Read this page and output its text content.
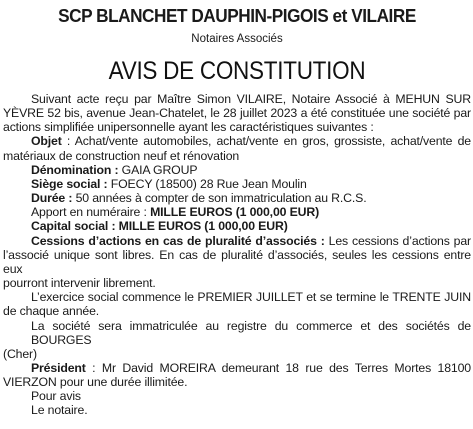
SCP BLANCHET DAUPHIN-PIGOIS et VILAIRE
Notaires Associés
AVIS DE CONSTITUTION
Suivant acte reçu par Maître Simon VILAIRE, Notaire Associé à MEHUN SUR
YÈVRE 52 bis, avenue Jean-Chatelet, le 28 juillet 2023 a été constituée une société par
actions simplifiée unipersonnelle ayant les caractéristiques suivantes :
Objet : Achat/vente automobiles, achat/vente en gros, grossiste, achat/vente de
matériaux de construction neuf et rénovation
Dénomination : GAIA GROUP
Siège social : FOECY (18500) 28 Rue Jean Moulin
Durée : 50 années à compter de son immatriculation au R.C.S.
Apport en numéraire : MILLE EUROS (1 000,00 EUR)
Capital social : MILLE EUROS (1 000,00 EUR)
Cessions d’actions en cas de pluralité d’associés : Les cessions d’actions par
l’associé unique sont libres. En cas de pluralité d’associés, seules les cessions entre eux
pourront intervenir librement.
L’exercice social commence le PREMIER JUILLET et se termine le TRENTE JUIN
de chaque année.
La société sera immatriculée au registre du commerce et des sociétés de BOURGES
(Cher)
Président : Mr David MOREIRA demeurant 18 rue des Terres Mortes 18100
VIERZON pour une durée illimitée.
Pour avis
Le notaire.
